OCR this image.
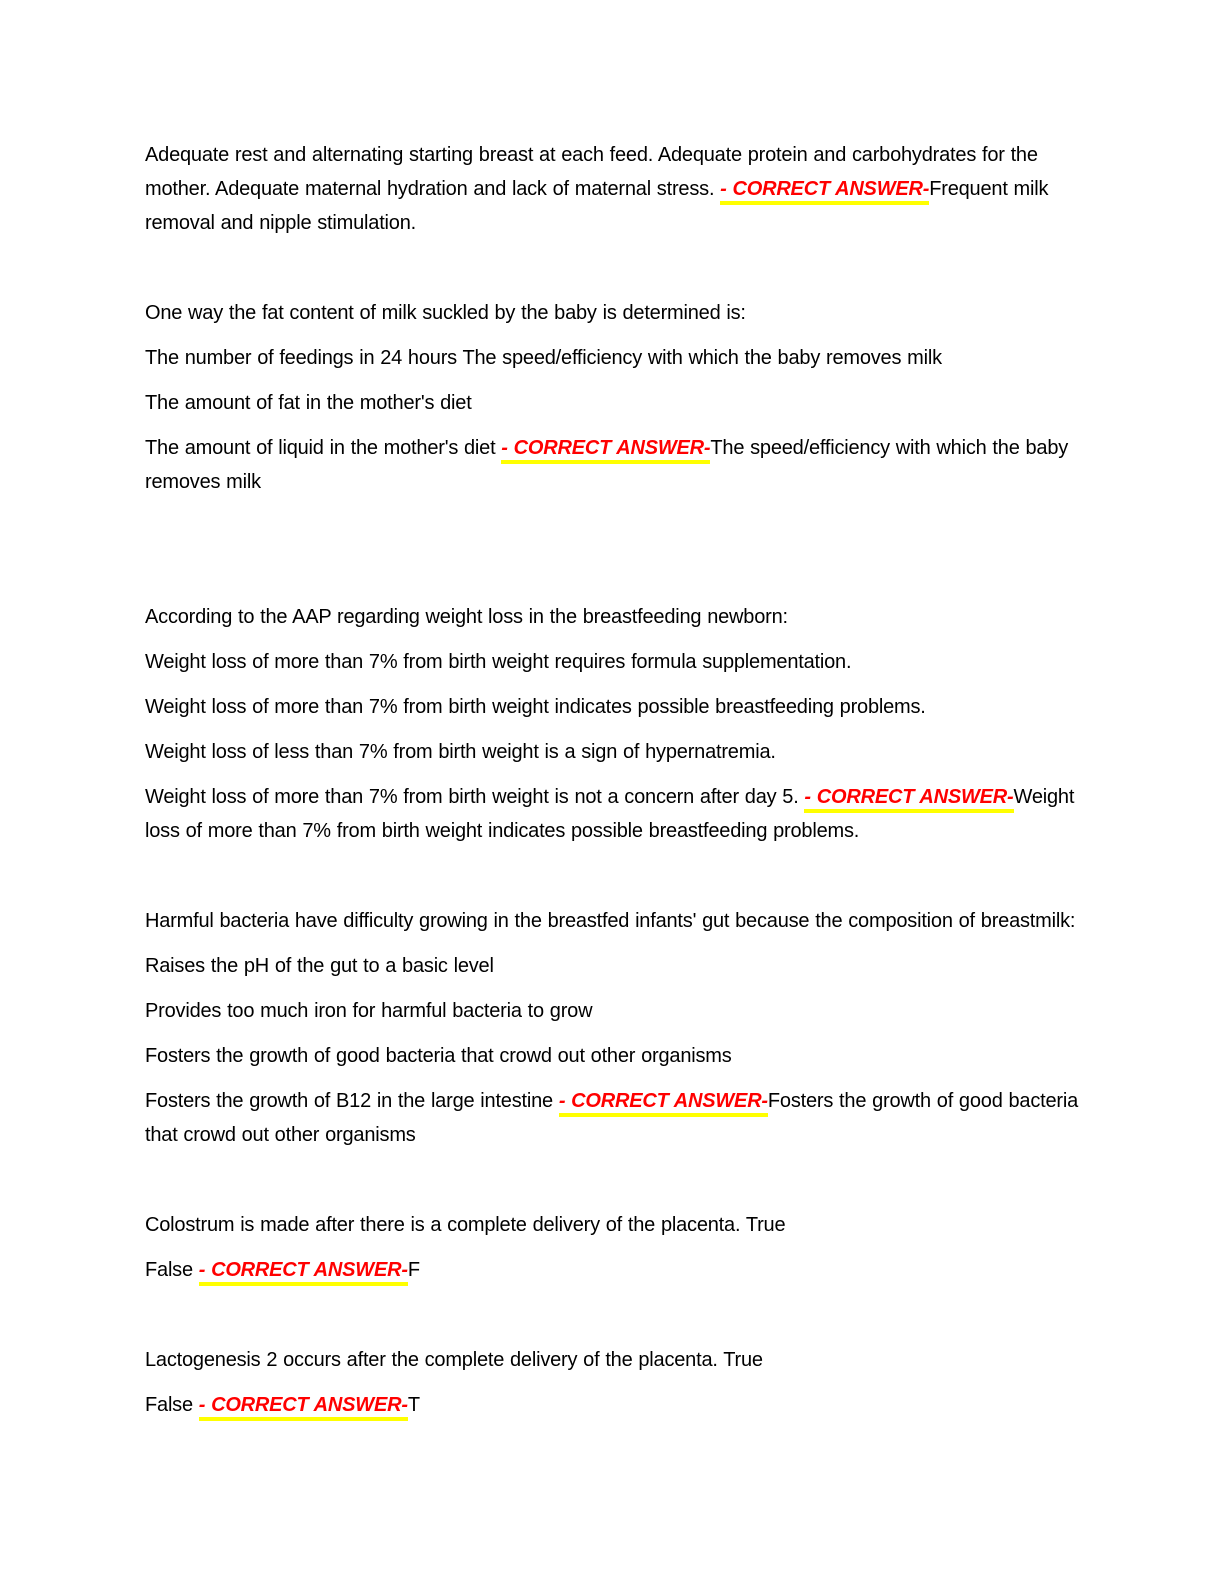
Adequate rest and alternating starting breast at each feed. Adequate protein and carbohydrates for the mother. Adequate maternal hydration and lack of maternal stress. - CORRECT ANSWER-Frequent milk removal and nipple stimulation.

One way the fat content of milk suckled by the baby is determined is:

The number of feedings in 24 hours The speed/efficiency with which the baby removes milk

The amount of fat in the mother's diet

The amount of liquid in the mother's diet - CORRECT ANSWER-The speed/efficiency with which the baby removes milk

According to the AAP regarding weight loss in the breastfeeding newborn:

Weight loss of more than 7% from birth weight requires formula supplementation.

Weight loss of more than 7% from birth weight indicates possible breastfeeding problems.

Weight loss of less than 7% from birth weight is a sign of hypernatremia.

Weight loss of more than 7% from birth weight is not a concern after day 5. - CORRECT ANSWER-Weight loss of more than 7% from birth weight indicates possible breastfeeding problems.

Harmful bacteria have difficulty growing in the breastfed infants' gut because the composition of breastmilk:

Raises the pH of the gut to a basic level

Provides too much iron for harmful bacteria to grow

Fosters the growth of good bacteria that crowd out other organisms

Fosters the growth of B12 in the large intestine - CORRECT ANSWER-Fosters the growth of good bacteria that crowd out other organisms

Colostrum is made after there is a complete delivery of the placenta. True

False - CORRECT ANSWER-F

Lactogenesis 2 occurs after the complete delivery of the placenta. True

False - CORRECT ANSWER-T
